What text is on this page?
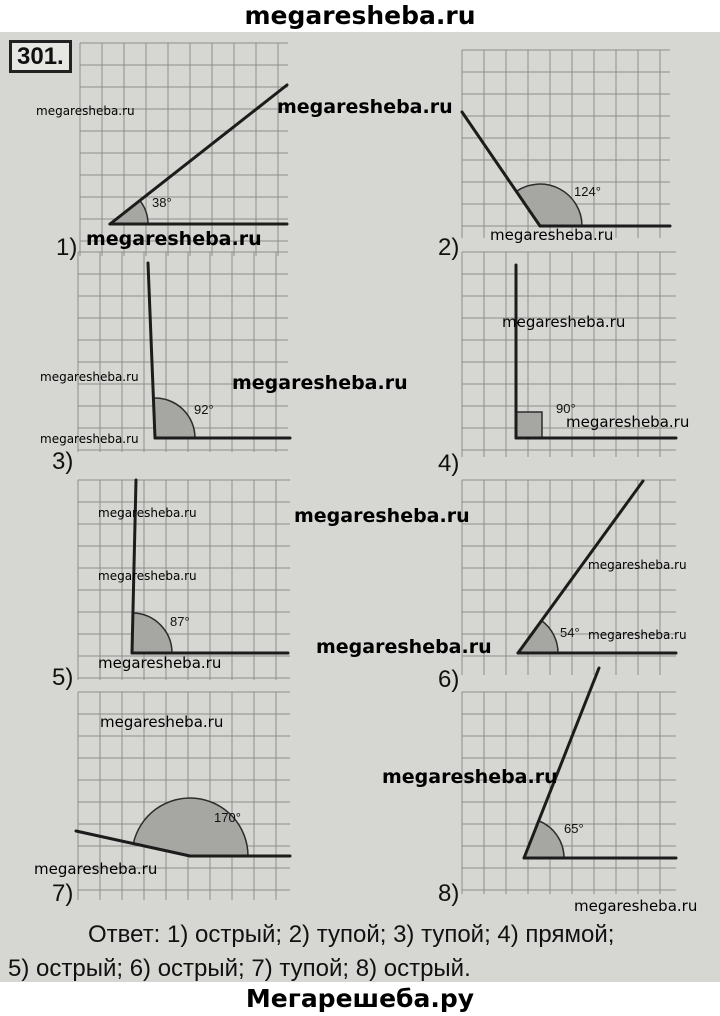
megaresheba.ru
301.
38°
124°
92°	90°
87°
54°
170°
65°
1)	2)
3)	4)
5)	6)
7)	8)
megaresheba.ru	megaresheba.ru
megaresheba.ru	megaresheba.ru
megaresheba.ru
megaresheba.ru	megaresheba.ru
megaresheba.ru
megaresheba.ru
megaresheba.ru	megaresheba.ru
megaresheba.ru
megaresheba.ru
megaresheba.ru
megaresheba.ru
megaresheba.ru
megaresheba.ru
megaresheba.ru
megaresheba.ru
megaresheba.ru
Ответ: 1) острый; 2) тупой; 3) тупой; 4) прямой;
5) острый; 6) острый; 7) тупой; 8) острый.
Мегарешеба.ру
